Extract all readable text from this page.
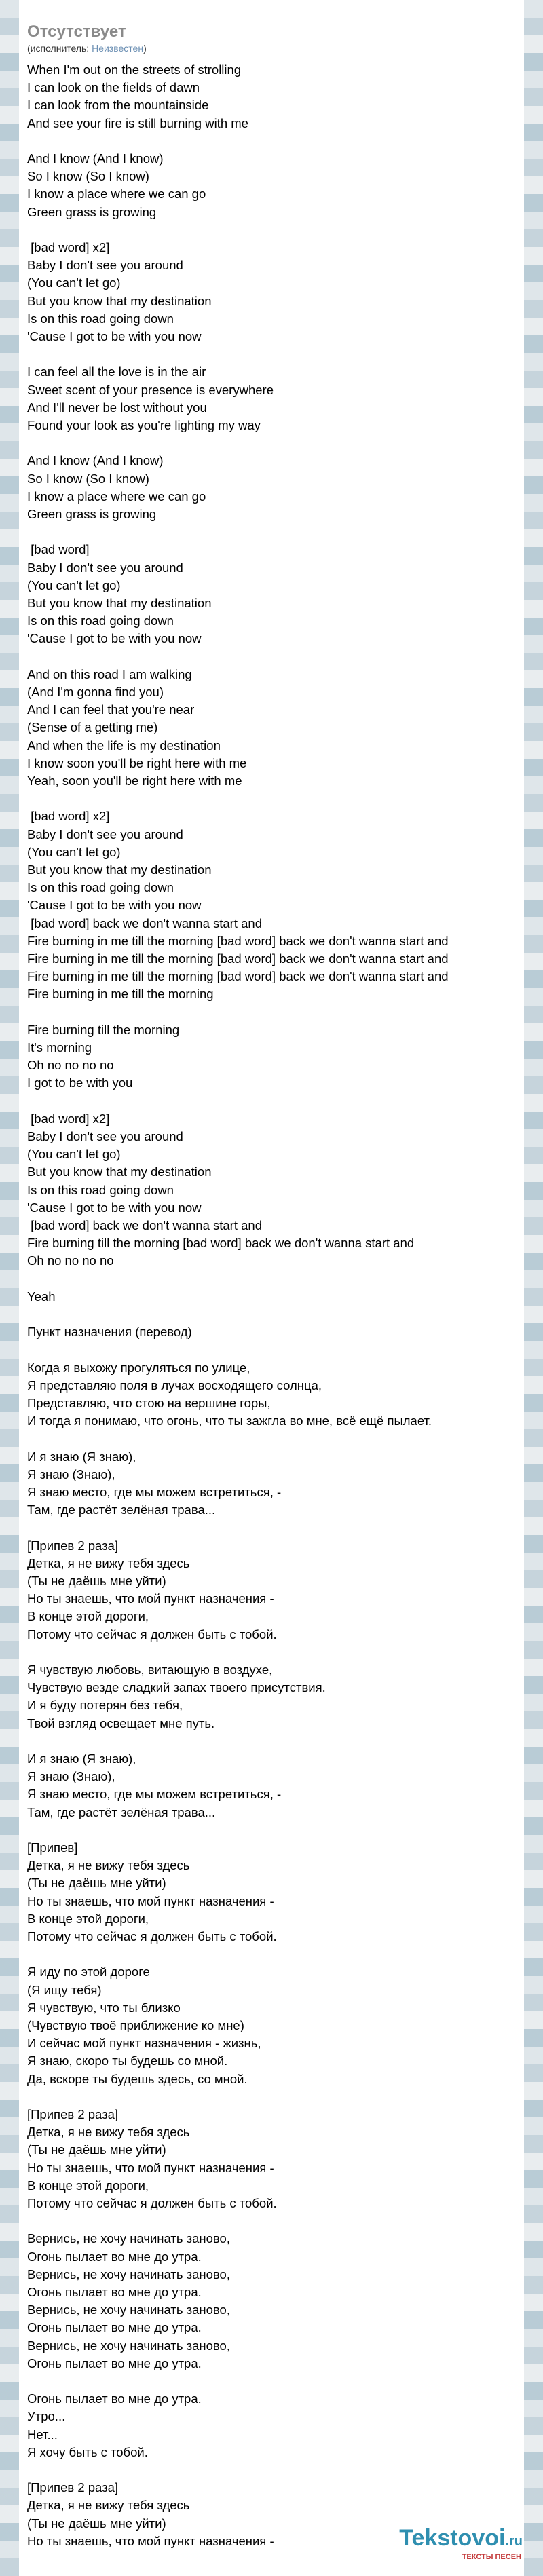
Отсутствует
(исполнитель: Неизвестен)
When I'm out on the streets of strolling
I can look on the fields of dawn
I can look from the mountainside
And see your fire is still burning with me
And I know (And I know)
So I know (So I know)
I know a place where we can go
Green grass is growing
[bad word] x2]
Baby I don't see you around
(You can't let go)
But you know that my destination
Is on this road going down
'Cause I got to be with you now
I can feel all the love is in the air
Sweet scent of your presence is everywhere
And I'll never be lost without you
Found your look as you're lighting my way
And I know (And I know)
So I know (So I know)
I know a place where we can go
Green grass is growing
[bad word]
Baby I don't see you around
(You can't let go)
But you know that my destination
Is on this road going down
'Cause I got to be with you now
And on this road I am walking
(And I'm gonna find you)
And I can feel that you're near
(Sense of a getting me)
And when the life is my destination
I know soon you'll be right here with me
Yeah, soon you'll be right here with me
[bad word] x2]
Baby I don't see you around
(You can't let go)
But you know that my destination
Is on this road going down
'Cause I got to be with you now
[bad word] back we don't wanna start and
Fire burning in me till the morning [bad word] back we don't wanna start and
Fire burning in me till the morning [bad word] back we don't wanna start and
Fire burning in me till the morning [bad word] back we don't wanna start and
Fire burning in me till the morning
Fire burning till the morning
It's morning
Oh no no no no
I got to be with you
[bad word] x2]
Baby I don't see you around
(You can't let go)
But you know that my destination
Is on this road going down
'Cause I got to be with you now
[bad word] back we don't wanna start and
Fire burning till the morning [bad word] back we don't wanna start and
Oh no no no no
Yeah
Пункт назначения (перевод)
Когда я выхожу прогуляться по улице,
Я представляю поля в лучах восходящего солнца,
Представляю, что стою на вершине горы,
И тогда я понимаю, что огонь, что ты зажгла во мне, всё ещё пылает.
И я знаю (Я знаю),
Я знаю (Знаю),
Я знаю место, где мы можем встретиться, -
Там, где растёт зелёная трава...
[Припев 2 раза]
Детка, я не вижу тебя здесь
(Ты не даёшь мне уйти)
Но ты знаешь, что мой пункт назначения -
В конце этой дороги,
Потому что сейчас я должен быть с тобой.
Я чувствую любовь, витающую в воздухе,
Чувствую везде сладкий запах твоего присутствия.
И я буду потерян без тебя,
Твой взгляд освещает мне путь.
И я знаю (Я знаю),
Я знаю (Знаю),
Я знаю место, где мы можем встретиться, -
Там, где растёт зелёная трава...
[Припев]
Детка, я не вижу тебя здесь
(Ты не даёшь мне уйти)
Но ты знаешь, что мой пункт назначения -
В конце этой дороги,
Потому что сейчас я должен быть с тобой.
Я иду по этой дороге
(Я ищу тебя)
Я чувствую, что ты близко
(Чувствую твоё приближение ко мне)
И сейчас мой пункт назначения - жизнь,
Я знаю, скоро ты будешь со мной.
Да, вскоре ты будешь здесь, со мной.
[Припев 2 раза]
Детка, я не вижу тебя здесь
(Ты не даёшь мне уйти)
Но ты знаешь, что мой пункт назначения -
В конце этой дороги,
Потому что сейчас я должен быть с тобой.
Вернись, не хочу начинать заново,
Огонь пылает во мне до утра.
Вернись, не хочу начинать заново,
Огонь пылает во мне до утра.
Вернись, не хочу начинать заново,
Огонь пылает во мне до утра.
Вернись, не хочу начинать заново,
Огонь пылает во мне до утра.
Огонь пылает во мне до утра.
Утро...
Нет...
Я хочу быть с тобой.
[Припев 2 раза]
Детка, я не вижу тебя здесь
(Ты не даёшь мне уйти)
Но ты знаешь, что мой пункт назначения -	Tekstovoi.ru
ТЕКСТЫ ПЕСЕН
